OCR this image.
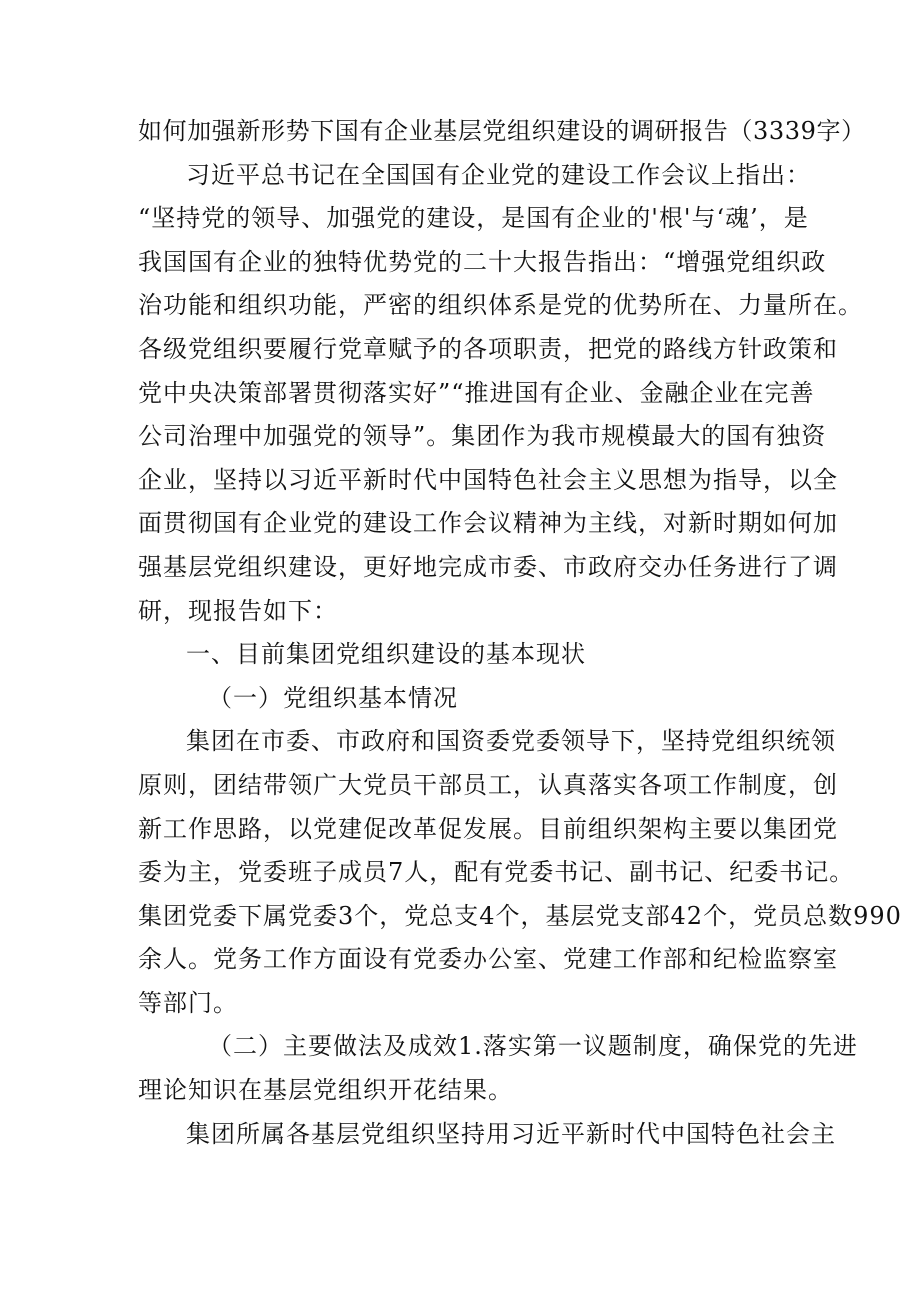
如何加强新形势下国有企业基层党组织建设的调研报告（3339字）
习近平总书记在全国国有企业党的建设工作会议上指出：
“坚持党的领导、加强党的建设，是国有企业的'根'与‘魂’，是
我国国有企业的独特优势党的二十大报告指出：“增强党组织政
治功能和组织功能，严密的组织体系是党的优势所在、力量所在。
各级党组织要履行党章赋予的各项职责，把党的路线方针政策和
党中央决策部署贯彻落实好”“推进国有企业、金融企业在完善
公司治理中加强党的领导”。集团作为我市规模最大的国有独资
企业，坚持以习近平新时代中国特色社会主义思想为指导，以全
面贯彻国有企业党的建设工作会议精神为主线，对新时期如何加
强基层党组织建设，更好地完成市委、市政府交办任务进行了调
研，现报告如下：
一、目前集团党组织建设的基本现状
（一）党组织基本情况
集团在市委、市政府和国资委党委领导下，坚持党组织统领
原则，团结带领广大党员干部员工，认真落实各项工作制度，创
新工作思路，以党建促改革促发展。目前组织架构主要以集团党
委为主，党委班子成员7人，配有党委书记、副书记、纪委书记。
集团党委下属党委3个，党总支4个，基层党支部42个，党员总数990
余人。党务工作方面设有党委办公室、党建工作部和纪检监察室
等部门。
（二）主要做法及成效1.落实第一议题制度，确保党的先进
理论知识在基层党组织开花结果。
集团所属各基层党组织坚持用习近平新时代中国特色社会主
